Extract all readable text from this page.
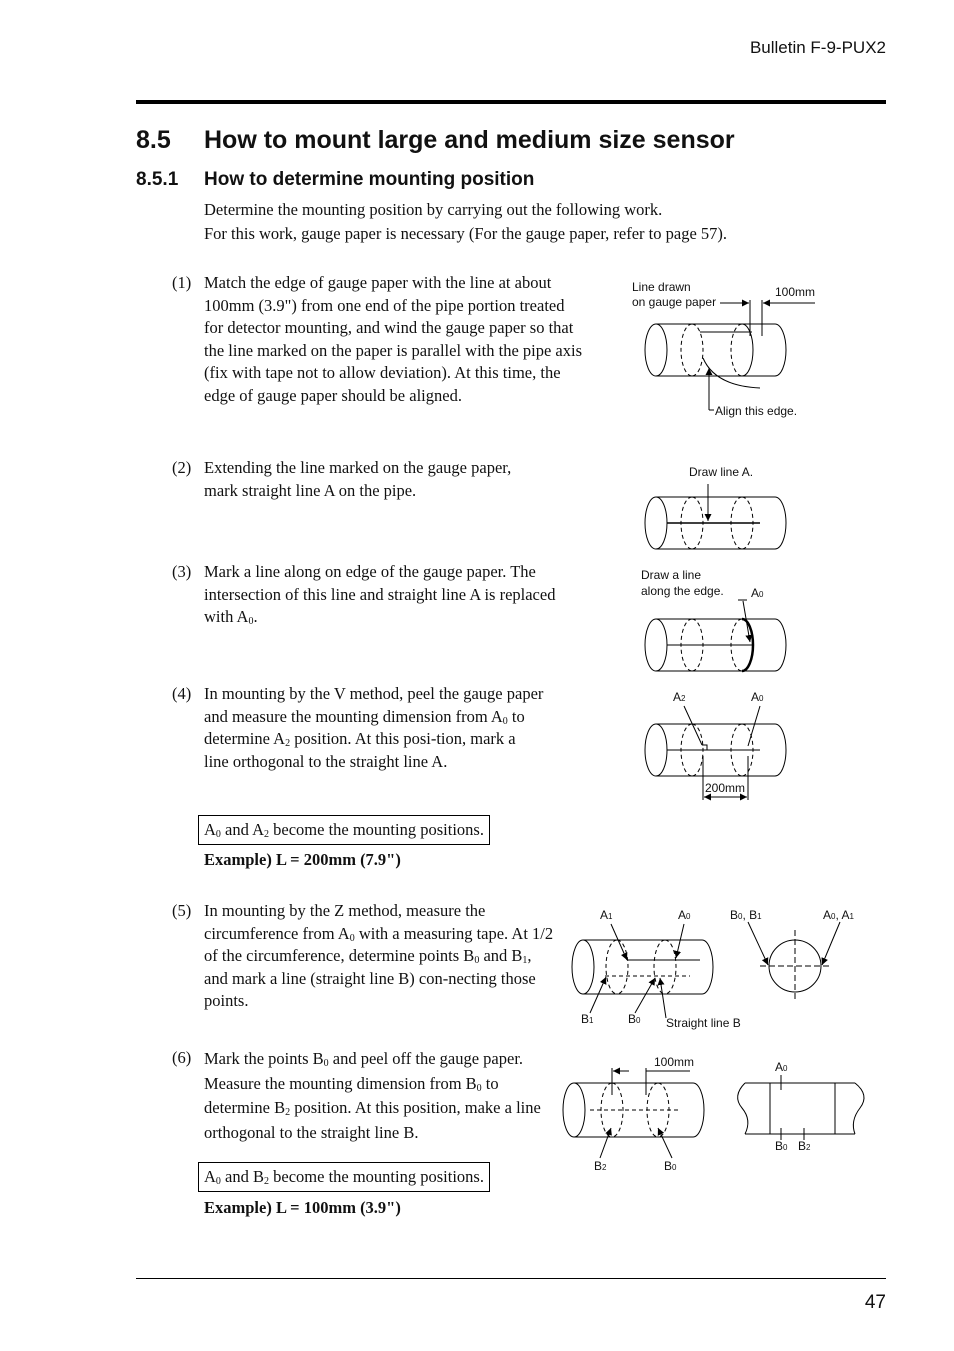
Bulletin F-9-PUX2
8.5 How to mount large and medium size sensor
8.5.1 How to determine mounting position
Determine the mounting position by carrying out the following work.
For this work, gauge paper is necessary (For the gauge paper, refer to page 57).
(1) Match the edge of gauge paper with the line at about 100mm (3.9") from one end of the pipe portion treated for detector mounting, and wind the gauge paper so that the line marked on the paper is parallel with the pipe axis (fix with tape not to allow deviation). At this time, the edge of gauge paper should be aligned.
(2) Extending the line marked on the gauge paper, mark straight line A on the pipe.
(3) Mark a line along on edge of the gauge paper. The intersection of this line and straight line A is replaced with $A_0$.
(4) In mounting by the V method, peel the gauge paper and measure the mounting dimension from $A_0$ to determine $A_2$ position. At this posi-tion, mark a line orthogonal to the straight line A.
$A_0$ and $A_2$ become the mounting positions.
Example) L = 200mm (7.9")
(5) In mounting by the Z method, measure the circumference from $A_0$ with a measuring tape. At 1/2 of the circumference, determine points $B_0$ and $B_1$, and mark a line (straight line B) con-necting those points.
(6) Mark the points $B_0$ and peel off the gauge paper. Measure the mounting dimension from $B_0$ to determine $B_2$ position. At this position, make a line orthogonal to the straight line B.
$A_0$ and $B_2$ become the mounting positions.
Example) L = 100mm (3.9")
Line drawn
on gauge paper
100mm
Align this edge.
Draw line A.
Draw a line
along the edge. A0
A2	A0
200mm
A1	A0
B1	B0 Straight line B
B0, B1	A0, A1
100mm
B2	B0
A0
B0 B2
47
